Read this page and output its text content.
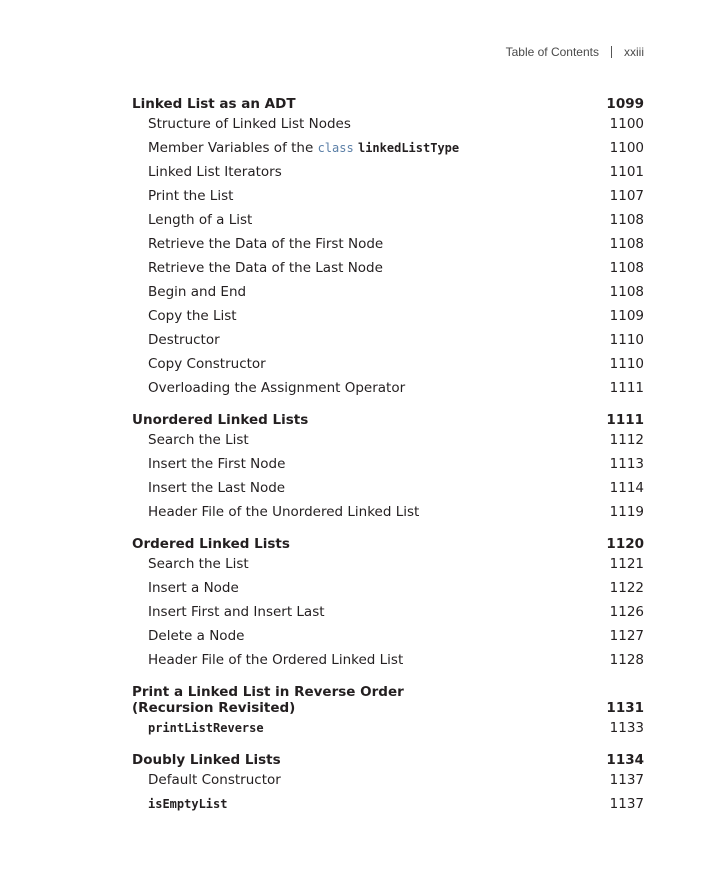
Table of Contents xxiii
Linked List as an ADT	1099
Structure of Linked List Nodes	1100
Member Variables of the class linkedListType	1100
Linked List Iterators	1101
Print the List	1107
Length of a List	1108
Retrieve the Data of the First Node	1108
Retrieve the Data of the Last Node	1108
Begin and End	1108
Copy the List	1109
Destructor	1110
Copy Constructor	1110
Overloading the Assignment Operator	1111
Unordered Linked Lists	1111
Search the List	1112
Insert the First Node	1113
Insert the Last Node	1114
Header File of the Unordered Linked List	1119
Ordered Linked Lists	1120
Search the List	1121
Insert a Node	1122
Insert First and Insert Last	1126
Delete a Node	1127
Header File of the Ordered Linked List	1128
Print a Linked List in Reverse Order
(Recursion Revisited)	1131
printListReverse	1133
Doubly Linked Lists	1134
Default Constructor	1137
isEmptyList	1137
